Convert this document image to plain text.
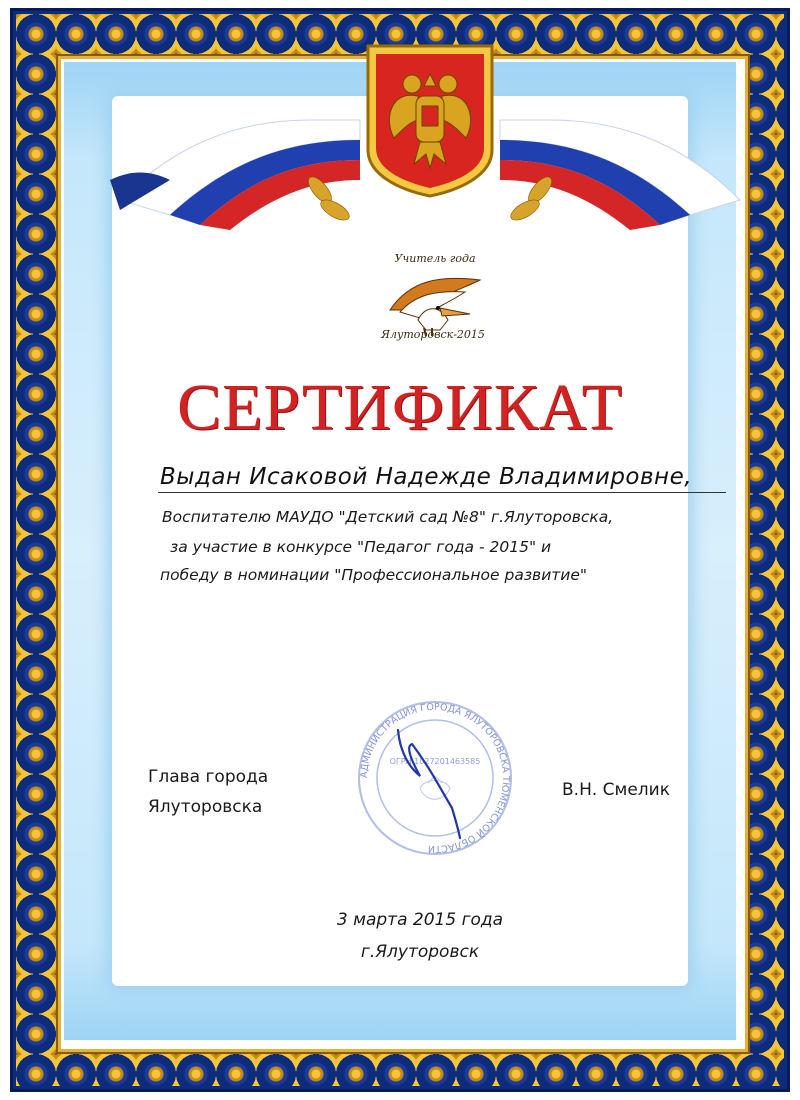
Учитель года
Ялуторовск-2015
СЕРТИФИКАТ
Выдан Исаковой Надежде Владимировне,
Воспитателю МАУДО "Детский сад №8" г.Ялуторовска,
за участие в конкурсе "Педагог года - 2015" и
победу в номинации "Профессиональное развитие"
АДМИНИСТРАЦИЯ ГОРОДА ЯЛУТОРОВСКА ТЮМЕНСКОЙ ОБЛАСТИ
ОГРН 1027201463585
Глава города
Ялуторовска
В.Н. Смелик
3 марта 2015 года
г.Ялуторовск
